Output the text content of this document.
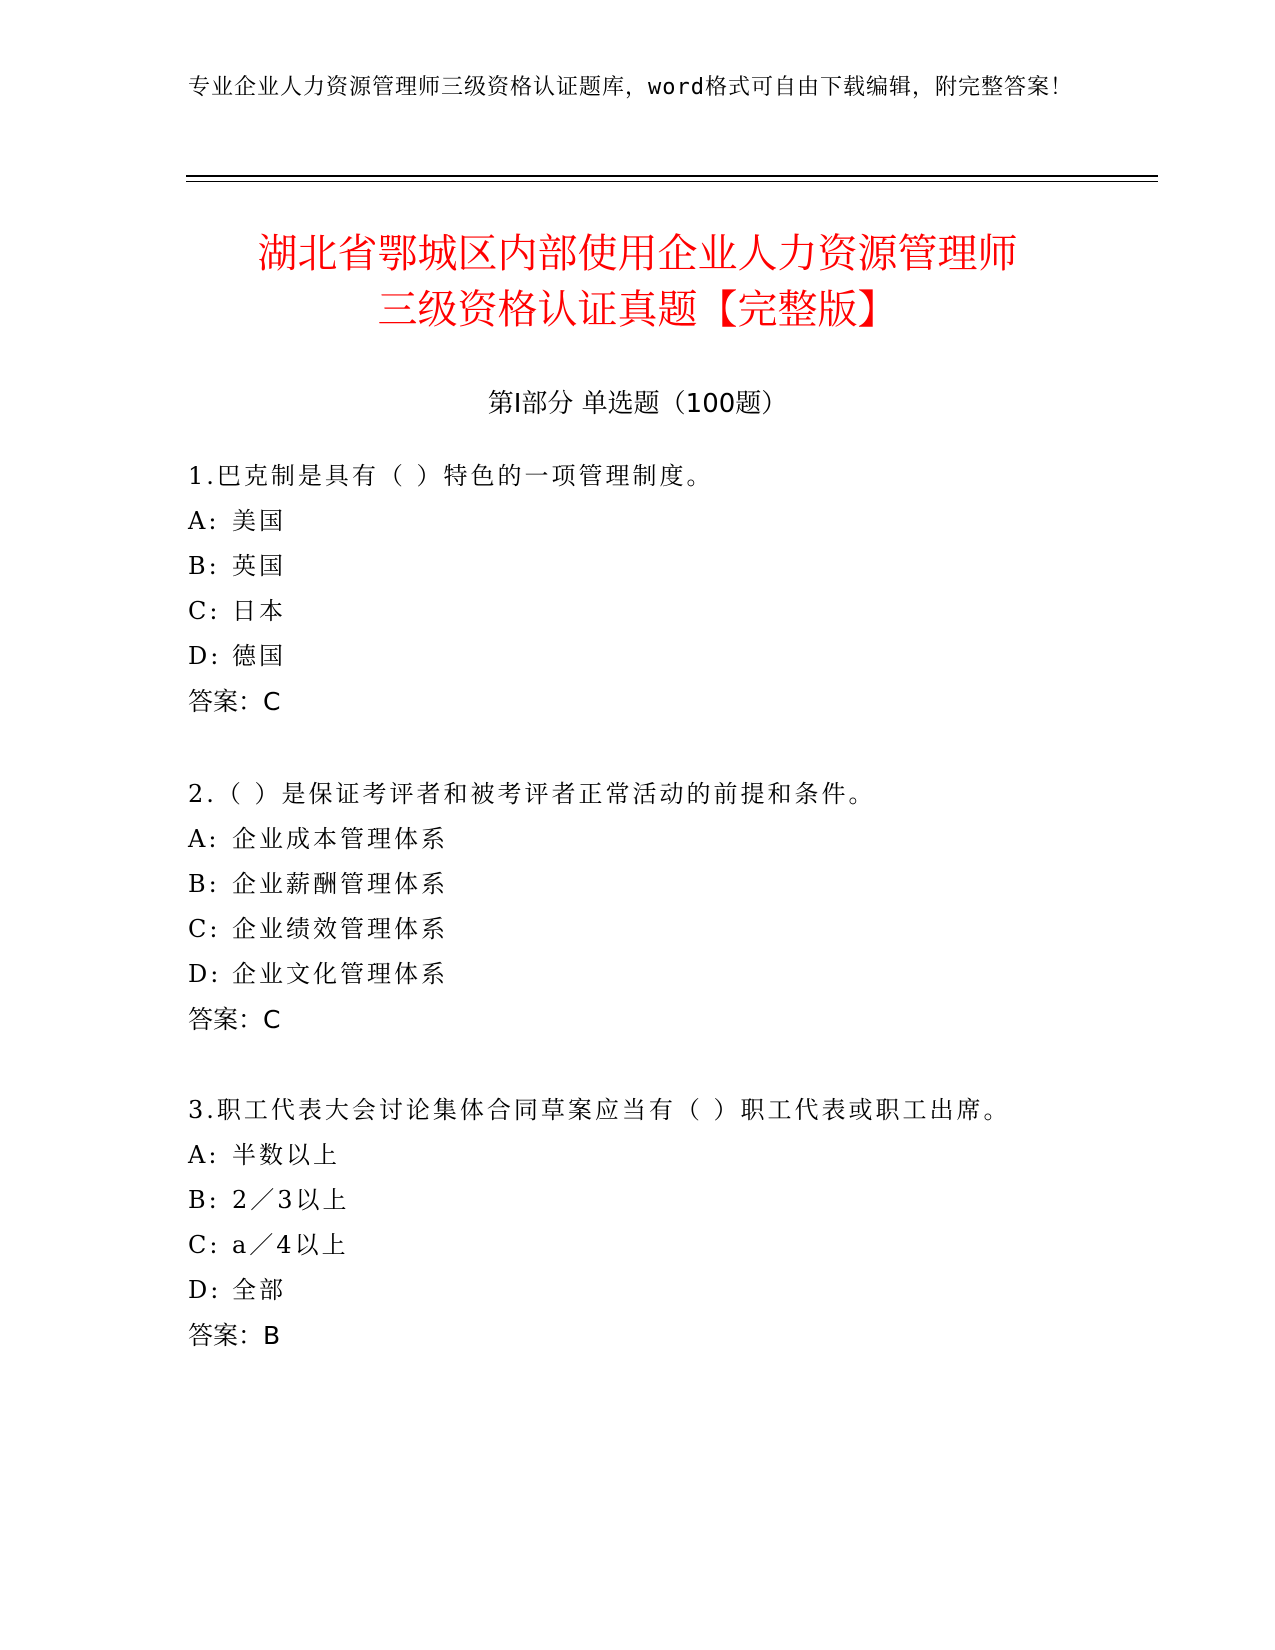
专业企业人力资源管理师三级资格认证题库，word格式可自由下载编辑，附完整答案！
湖北省鄂城区内部使用企业人力资源管理师
三级资格认证真题【完整版】
第Ⅰ部分 单选题（100题）

1.巴克制是具有（ ）特色的一项管理制度。

A: 美国
B: 英国
C: 日本
D: 德国
答案：C

2.（ ）是保证考评者和被考评者正常活动的前提和条件。

A: 企业成本管理体系
B: 企业薪酬管理体系
C: 企业绩效管理体系
D: 企业文化管理体系
答案：C

3.职工代表大会讨论集体合同草案应当有（ ）职工代表或职工出席。

A: 半数以上
B: 2／3以上
C: a／4以上
D: 全部
答案：B
